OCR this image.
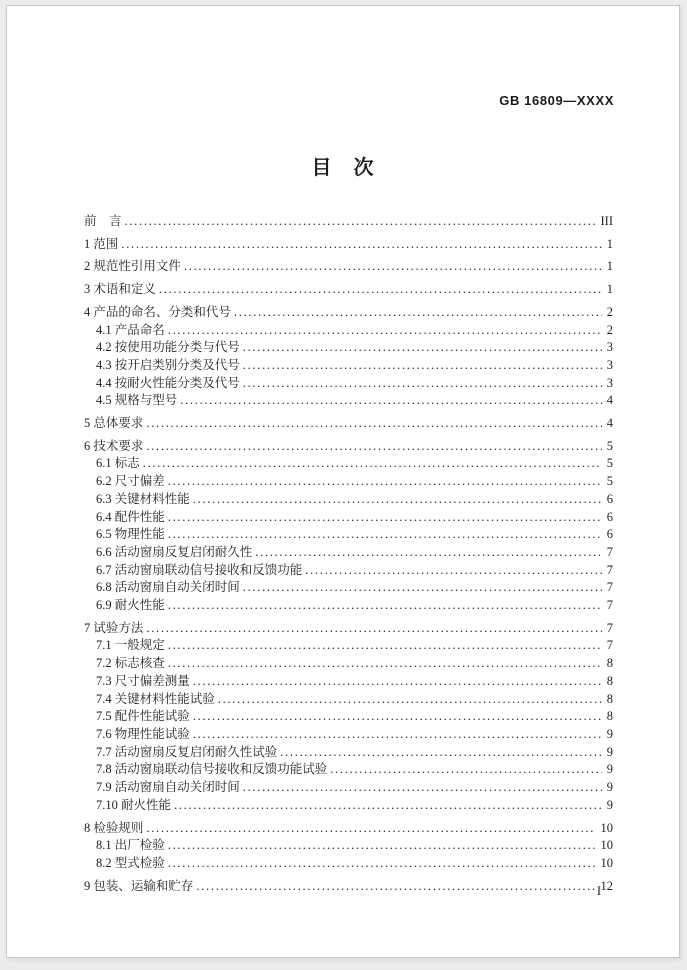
GB 16809—XXXX
目　次
前　言 .....	III
1 范围 .....	1
2 规范性引用文件 .....	1
3 术语和定义 .....	1
4 产品的命名、分类和代号 .....	2
4.1 产品命名 .....	2
4.2 按使用功能分类与代号 .....	3
4.3 按开启类别分类及代号 .....	3
4.4 按耐火性能分类及代号 .....	3
4.5 规格与型号 .....	4
5 总体要求 .....	4
6 技术要求 .....	5
6.1 标志 .....	5
6.2 尺寸偏差 .....	5
6.3 关键材料性能 .....	6
6.4 配件性能 .....	6
6.5 物理性能 .....	6
6.6 活动窗扇反复启闭耐久性 .....	7
6.7 活动窗扇联动信号接收和反馈功能 .....	7
6.8 活动窗扇自动关闭时间 .....	7
6.9 耐火性能 .....	7
7 试验方法 .....	7
7.1 一般规定 .....	7
7.2 标志核查 .....	8
7.3 尺寸偏差测量 .....	8
7.4 关键材料性能试验 .....	8
7.5 配件性能试验 .....	8
7.6 物理性能试验 .....	9
7.7 活动窗扇反复启闭耐久性试验 .....	9
7.8 活动窗扇联动信号接收和反馈功能试验 .....	9
7.9 活动窗扇自动关闭时间 .....	9
7.10 耐火性能 .....	9
8 检验规则 .....	10
8.1 出厂检验 .....	10
8.2 型式检验 .....	10
9 包装、运输和贮存 .....	12
I
